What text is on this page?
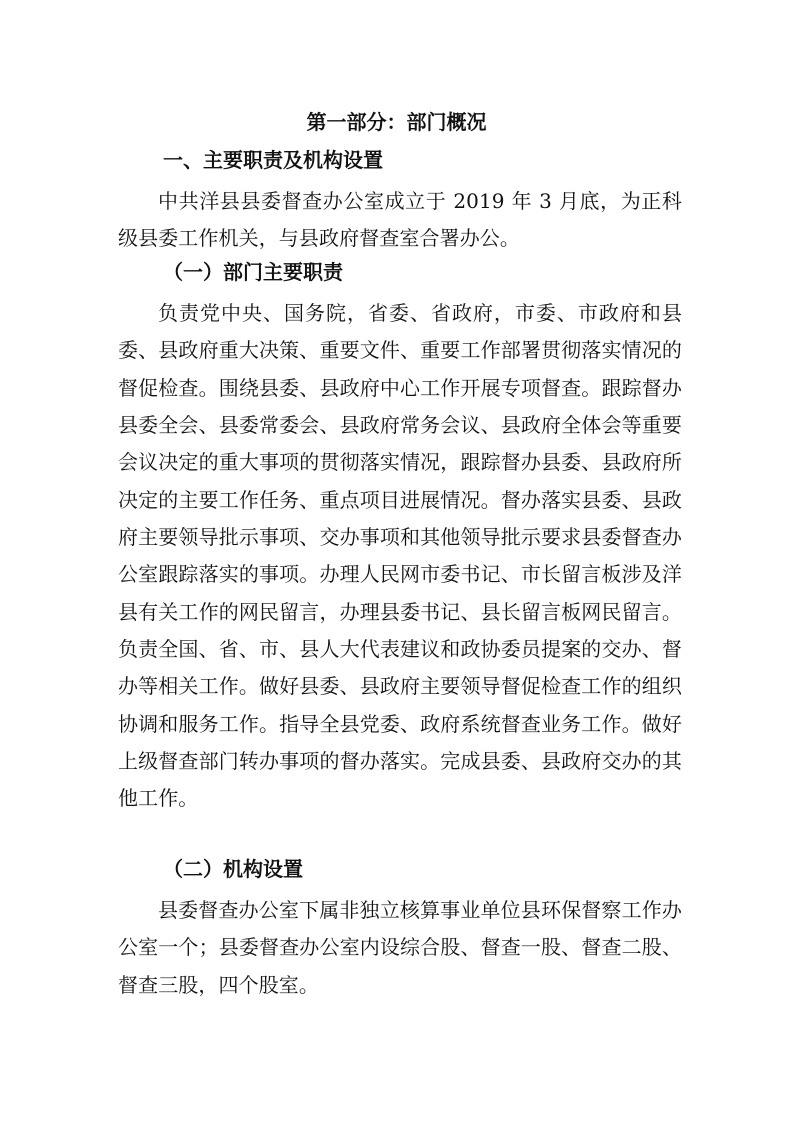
第一部分：部门概况
一、主要职责及机构设置

中共洋县县委督查办公室成立于 2019 年 3 月底，为正科级县委工作机关，与县政府督查室合署办公。

（一）部门主要职责

负责党中央、国务院，省委、省政府，市委、市政府和县委、县政府重大决策、重要文件、重要工作部署贯彻落实情况的督促检查。围绕县委、县政府中心工作开展专项督查。跟踪督办县委全会、县委常委会、县政府常务会议、县政府全体会等重要会议决定的重大事项的贯彻落实情况，跟踪督办县委、县政府所决定的主要工作任务、重点项目进展情况。督办落实县委、县政府主要领导批示事项、交办事项和其他领导批示要求县委督查办公室跟踪落实的事项。办理人民网市委书记、市长留言板涉及洋县有关工作的网民留言，办理县委书记、县长留言板网民留言。负责全国、省、市、县人大代表建议和政协委员提案的交办、督办等相关工作。做好县委、县政府主要领导督促检查工作的组织协调和服务工作。指导全县党委、政府系统督查业务工作。做好上级督查部门转办事项的督办落实。完成县委、县政府交办的其他工作。

（二）机构设置

县委督查办公室下属非独立核算事业单位县环保督察工作办公室一个；县委督查办公室内设综合股、督查一股、督查二股、督查三股，四个股室。
